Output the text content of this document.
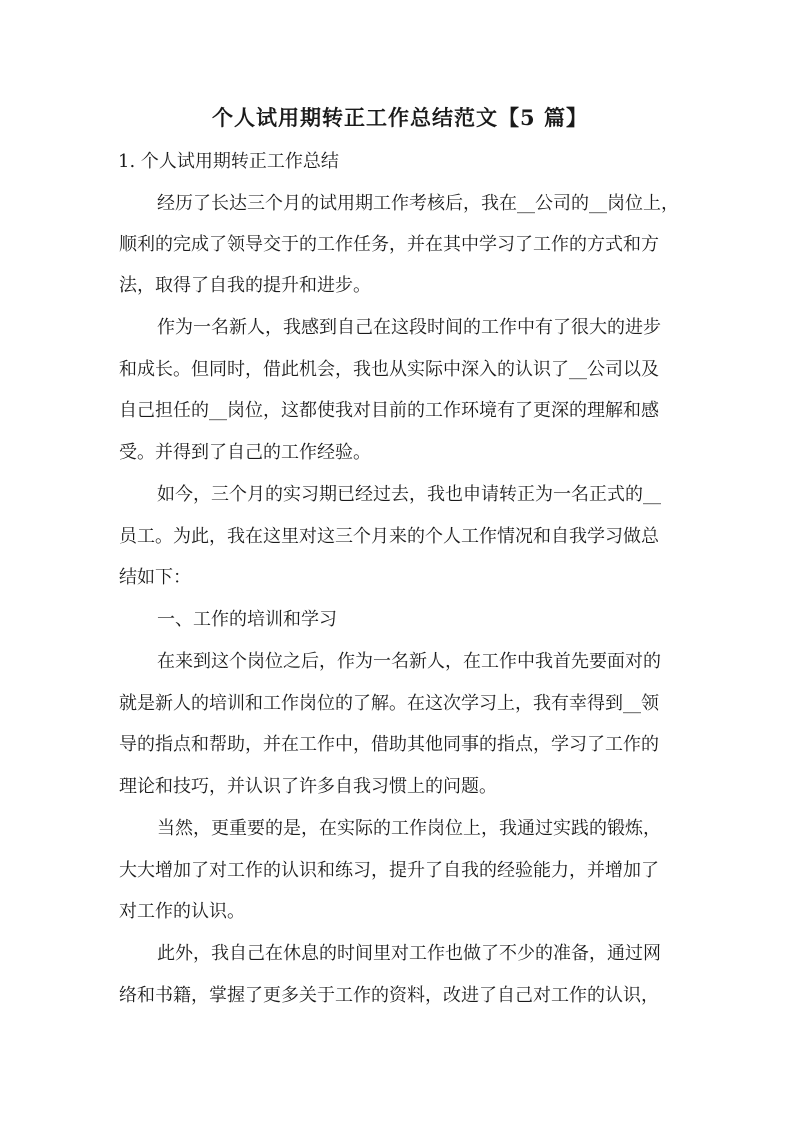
个人试用期转正工作总结范文【5 篇】
1. 个人试用期转正工作总结
经历了长达三个月的试用期工作考核后，我在__公司的__岗位上，
顺利的完成了领导交于的工作任务，并在其中学习了工作的方式和方
法，取得了自我的提升和进步。
作为一名新人，我感到自己在这段时间的工作中有了很大的进步
和成长。但同时，借此机会，我也从实际中深入的认识了__公司以及
自己担任的__岗位，这都使我对目前的工作环境有了更深的理解和感
受。并得到了自己的工作经验。
如今，三个月的实习期已经过去，我也申请转正为一名正式的__
员工。为此，我在这里对这三个月来的个人工作情况和自我学习做总
结如下：
一、工作的培训和学习
在来到这个岗位之后，作为一名新人，在工作中我首先要面对的
就是新人的培训和工作岗位的了解。在这次学习上，我有幸得到__领
导的指点和帮助，并在工作中，借助其他同事的指点，学习了工作的
理论和技巧，并认识了许多自我习惯上的问题。
当然，更重要的是，在实际的工作岗位上，我通过实践的锻炼，
大大增加了对工作的认识和练习，提升了自我的经验能力，并增加了
对工作的认识。
此外，我自己在休息的时间里对工作也做了不少的准备，通过网
络和书籍，掌握了更多关于工作的资料，改进了自己对工作的认识，
